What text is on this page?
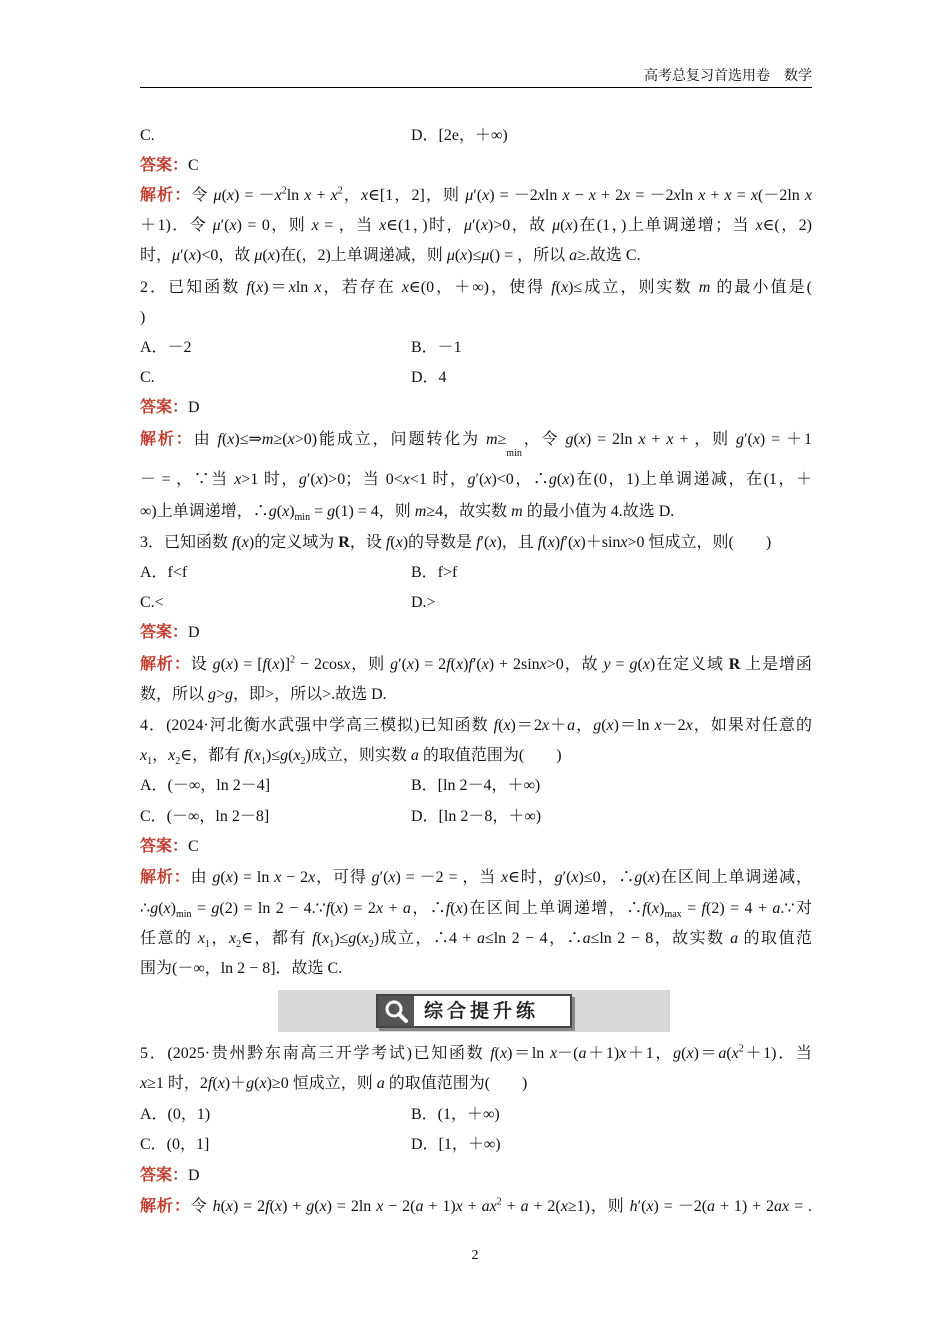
高考总复习首选用卷　数学
C.	D．[2e，＋∞)
答案：C
解析：令 $\mu(x) = -x^2\ln$ $x + x^2$，x∈[1，2]，则 μ′(x) = －2xln x − x + 2x = －2xln x + x = x(－2ln x
＋1)．令 μ′(x) = 0，则 x = ，当 x∈(1，)时，μ′(x)>0，故 μ(x)在(1，)上单调递增；当 x∈(，2)
时，μ′(x)<0，故 μ(x)在(，2)上单调递减，则 μ(x)≤μ() = ，所以 a≥.故选 C.
2．已知函数 f(x)＝xln x，若存在 x∈(0，＋∞)，使得 f(x)≤成立，则实数 m 的最小值是(
)
A．－2	B．－1
C.	D．4
答案：D
解析：由 f(x)≤⇒m≥(x>0)能成立，问题转化为 $m\ge_{min}$，令 g(x) = 2ln x + x + ，则 g′(x) = ＋1
－ = ，∵当 x>1 时，g′(x)>0；当 0<x<1 时，g′(x)<0，∴g(x)在(0，1)上单调递减，在(1，＋
∞)上单调递增，$\therefore g(x)_{min} = g(1) = 4$，则 m≥4，故实数 m 的最小值为 4.故选 D.
3．已知函数 f(x)的定义域为 R，设 f(x)的导数是 f′(x)，且 f(x)f′(x)＋sinx>0 恒成立，则(　　)
A．f<f	B．f>f
C.<	D.>
答案：D
解析：设 $g(x) = [f(x)]^2 - 2\cos x$，则 g′(x) = 2f(x)f′(x) + 2sinx>0，故 y = g(x)在定义域 R 上是增函
数，所以 g>g，即>，所以>.故选 D.
4．(2024·河北衡水武强中学高三模拟)已知函数 f(x)＝2x＋a，g(x)＝ln x－2x，如果对任意的
$x_1$，$x_2\in$，都有 $f(x_1)\le g(x_2)$成立，则实数 a 的取值范围为(　　)
A．(－∞，ln 2－4]	B．[ln 2－4，＋∞)
C．(－∞，ln 2－8]	D．[ln 2－8，＋∞)
答案：C
解析：由 g(x) = ln x − 2x，可得 g′(x) = －2 = ，当 x∈时，g′(x)≤0，∴g(x)在区间上单调递减，
$\therefore g(x)_{min} = g(2) = \ln 2$ − 4.∵f(x) = 2x + a，∴f(x)在区间上单调递增，$\therefore f(x)_{max} = f(2) = 4$ + a.∵对
任意的 $x_1$，$x_2\in$，都有 $f(x_1)\le g(x_2)$成立，∴4 + a≤ln 2 − 4，∴a≤ln 2 − 8，故实数 a 的取值范
围为(－∞，ln 2 − 8]．故选 C.
综合提升练
5．(2025·贵州黔东南高三开学考试)已知函数 f(x)＝ln x－(a＋1)x＋1，$g(x)=a(x^2+1)$．当
x≥1 时，2f(x)＋g(x)≥0 恒成立，则 a 的取值范围为(　　)
A．(0，1)	B．(1，＋∞)
C．(0，1]	D．[1，＋∞)
答案：D
解析：令 h(x) = 2f(x) + g(x) = 2ln $x - 2(a + 1)x + ax^2 + a + 2(x\ge 1)$，则 h′(x) = －2(a + 1) + 2ax = .
2
